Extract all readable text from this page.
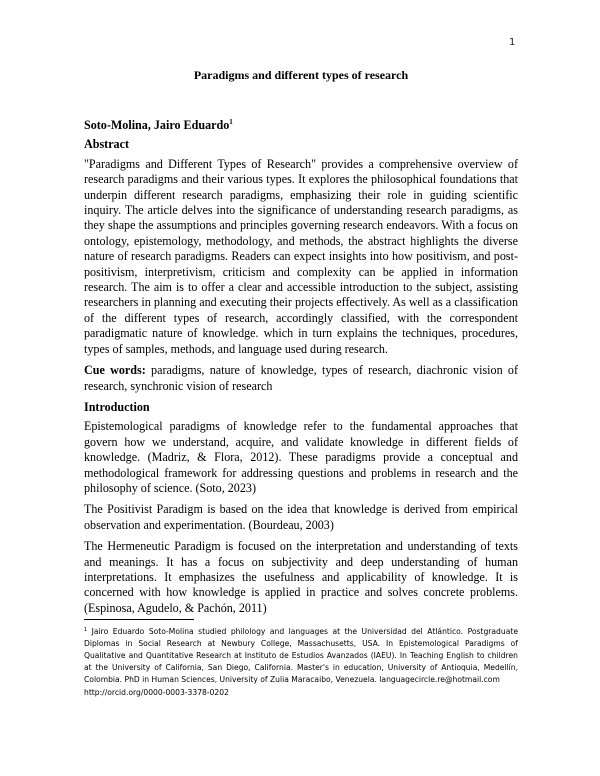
1

Paradigms and different types of research

Soto-Molina, Jairo Eduardo$^1$

Abstract

"Paradigms and Different Types of Research" provides a comprehensive overview of research paradigms and their various types. It explores the philosophical foundations that underpin different research paradigms, emphasizing their role in guiding scientific inquiry. The article delves into the significance of understanding research paradigms, as they shape the assumptions and principles governing research endeavors. With a focus on ontology, epistemology, methodology, and methods, the abstract highlights the diverse nature of research paradigms. Readers can expect insights into how positivism, and post-positivism, interpretivism, criticism and complexity can be applied in information research. The aim is to offer a clear and accessible introduction to the subject, assisting researchers in planning and executing their projects effectively. As well as a classification of the different types of research, accordingly classified, with the correspondent paradigmatic nature of knowledge. which in turn explains the techniques, procedures, types of samples, methods, and language used during research.

Cue words: paradigms, nature of knowledge, types of research, diachronic vision of research, synchronic vision of research

Introduction

Epistemological paradigms of knowledge refer to the fundamental approaches that govern how we understand, acquire, and validate knowledge in different fields of knowledge. (Madriz, & Flora, 2012). These paradigms provide a conceptual and methodological framework for addressing questions and problems in research and the philosophy of science. (Soto, 2023)

The Positivist Paradigm is based on the idea that knowledge is derived from empirical observation and experimentation. (Bourdeau, 2003)

The Hermeneutic Paradigm is focused on the interpretation and understanding of texts and meanings. It has a focus on subjectivity and deep understanding of human interpretations. It emphasizes the usefulness and applicability of knowledge. It is concerned with how knowledge is applied in practice and solves concrete problems. (Espinosa, Agudelo, & Pachón, 2011)

$^1$ Jairo Eduardo Soto-Molina studied philology and languages at the Universidad del Atlántico. Postgraduate Diplomas in Social Research at Newbury College, Massachusetts, USA. In Epistemological Paradigms of Qualitative and Quantitative Research at Instituto de Estudios Avanzados (IAEU). In Teaching English to children at the University of California, San Diego, California. Master's in education, University of Antioquia, Medellín, Colombia. PhD in Human Sciences, University of Zulia Maracaibo, Venezuela. languagecircle.re@hotmail.com
http://orcid.org/0000-0003-3378-0202
